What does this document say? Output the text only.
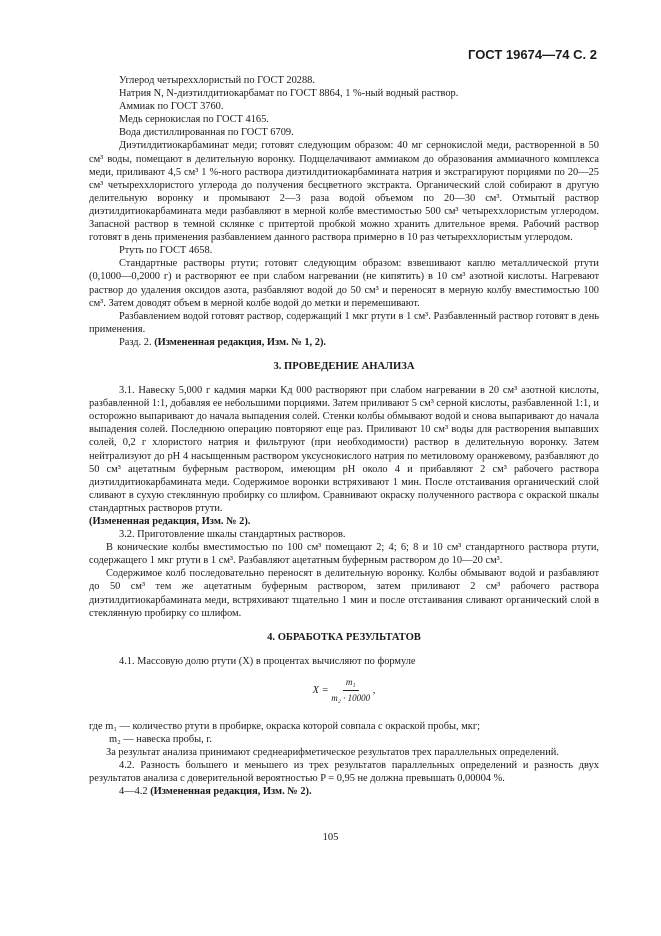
ГОСТ 19674—74 С. 2

Углерод четыреххлористый по ГОСТ 20288.

Натрия N, N-диэтилдитиокарбамат по ГОСТ 8864, 1 %-ный водный раствор.

Аммиак по ГОСТ 3760.

Медь сернокислая по ГОСТ 4165.

Вода дистиллированная по ГОСТ 6709.

Диэтилдитиокарбаминат меди; готовят следующим образом: 40 мг сернокислой меди, растворенной в 50 см³ воды, помещают в делительную воронку. Подщелачивают аммиаком до образования аммиачного комплекса меди, приливают 4,5 см³ 1 %-ного раствора диэтилдитиокарбамината натрия и экстрагируют порциями по 20—25 см³ четыреххлористого углерода до получения бесцветного экстракта. Органический слой собирают в другую делительную воронку и промывают 2—3 раза водой объемом по 20—30 см³. Отмытый раствор диэтилдитиокарбамината меди разбавляют в мерной колбе вместимостью 500 см³ четыреххлористым углеродом. Запасной раствор в темной склянке с притертой пробкой можно хранить длительное время. Рабочий раствор готовят в день применения разбавлением данного раствора примерно в 10 раз четыреххлористым углеродом.

Ртуть по ГОСТ 4658.

Стандартные растворы ртути; готовят следующим образом: взвешивают каплю металлической ртути (0,1000—0,2000 г) и растворяют ее при слабом нагревании (не кипятить) в 10 см³ азотной кислоты. Нагревают раствор до удаления оксидов азота, разбавляют водой до 50 см³ и переносят в мерную колбу вместимостью 100 см³. Затем доводят объем в мерной колбе водой до метки и перемешивают.

Разбавлением водой готовят раствор, содержащий 1 мкг ртути в 1 см³. Разбавленный раствор готовят в день применения.

Разд. 2. (Измененная редакция, Изм. № 1, 2).

3. ПРОВЕДЕНИЕ АНАЛИЗА

3.1. Навеску 5,000 г кадмия марки Кд 000 растворяют при слабом нагревании в 20 см³ азотной кислоты, разбавленной 1:1, добавляя ее небольшими порциями. Затем приливают 5 см³ серной кислоты, разбавленной 1:1, и осторожно выпаривают до начала выпадения солей. Стенки колбы обмывают водой и снова выпаривают до начала выпадения солей. Последнюю операцию повторяют еще раз. Приливают 10 см³ воды для растворения выпавших солей, 0,2 г хлористого натрия и фильтруют (при необходимости) раствор в делительную воронку. Затем нейтрализуют до pH 4 насыщенным раствором уксуснокислого натрия по метиловому оранжевому, разбавляют до 50 см³ ацетатным буферным раствором, имеющим pH около 4 и прибавляют 2 см³ рабочего раствора диэтилдитиокарбамината меди. Содержимое воронки встряхивают 1 мин. После отстаивания органический слой сливают в сухую стеклянную пробирку со шлифом. Сравнивают окраску полученного раствора с окраской шкалы стандартных растворов ртути.

(Измененная редакция, Изм. № 2).

3.2. Приготовление шкалы стандартных растворов.

В конические колбы вместимостью по 100 см³ помещают 2; 4; 6; 8 и 10 см³ стандартного раствора ртути, содержащего 1 мкг ртути в 1 см³. Разбавляют ацетатным буферным раствором до 10—20 см³.

Содержимое колб последовательно переносят в делительную воронку. Колбы обмывают водой и разбавляют до 50 см³ тем же ацетатным буферным раствором, затем приливают 2 см³ рабочего раствора диэтилдитиокарбамината меди, встряхивают тщательно 1 мин и после отстаивания сливают органический слой в стеклянную пробирку со шлифом.

4. ОБРАБОТКА РЕЗУЛЬТАТОВ

4.1. Массовую долю ртути (X) в процентах вычисляют по формуле

$X = \frac{\text{m₁}}{\text{m₂ · 10000}}$ ,

где m₁ — количество ртути в пробирке, окраска которой совпала с окраской пробы, мкг;

m₂ — навеска пробы, г.

За результат анализа принимают среднеарифметическое результатов трех параллельных определений.

4.2. Разность большего и меньшего из трех результатов параллельных определений и разность двух результатов анализа с доверительной вероятностью P = 0,95 не должна превышать 0,00004 %.

4—4.2 (Измененная редакция, Изм. № 2).

105
